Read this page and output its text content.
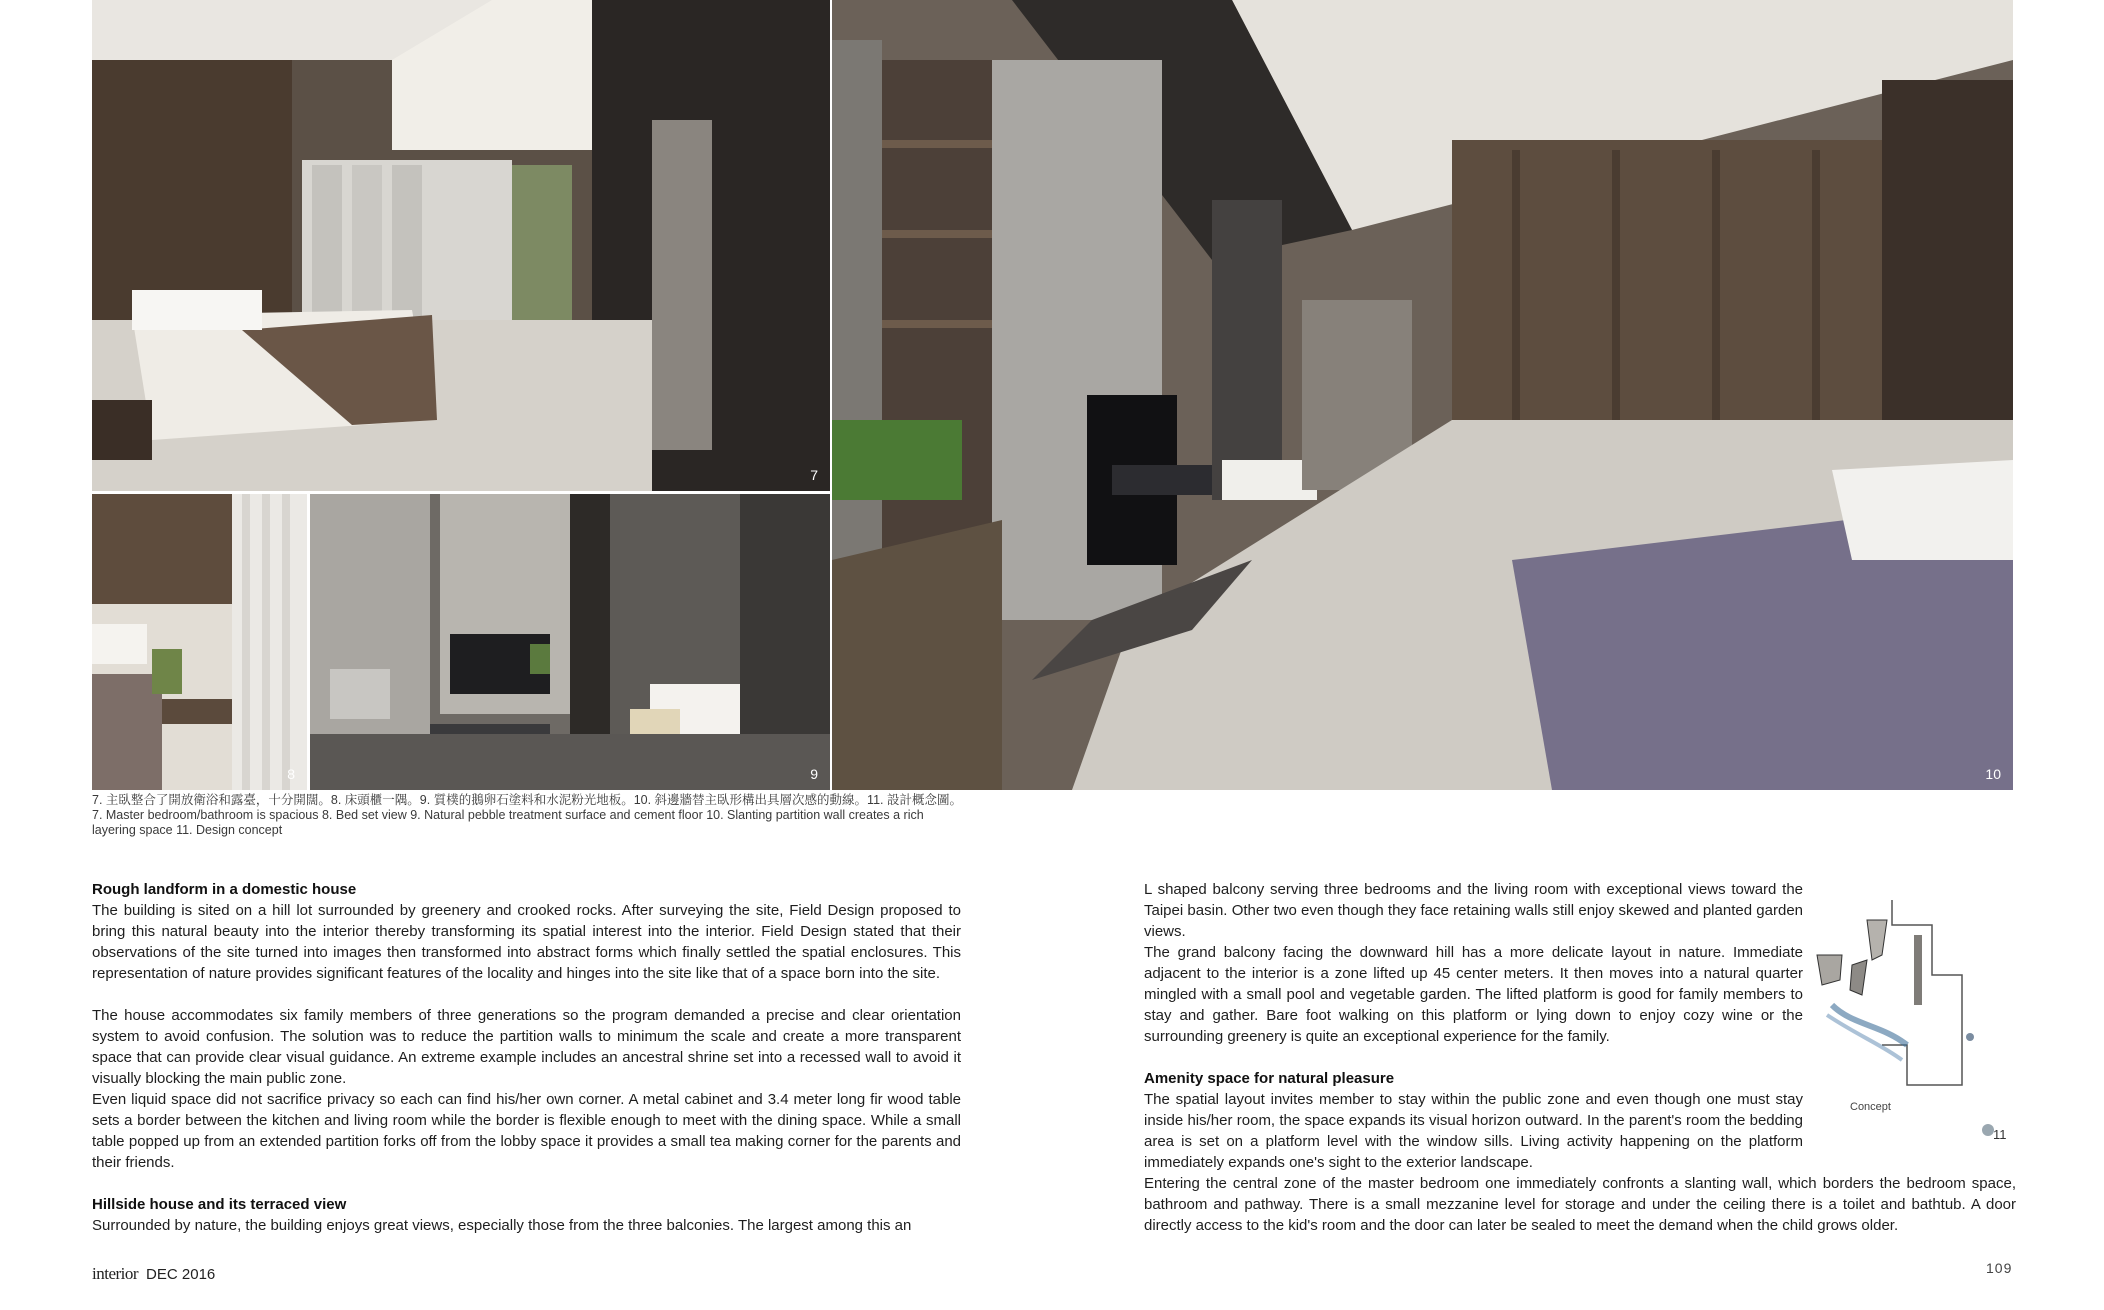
7
8	9	10

7. 主臥整合了開放衛浴和露臺，十分開闊。8. 床頭櫃一隅。9. 質樸的鵝卵石塗料和水泥粉光地板。10. 斜邊牆替主臥形構出具層次感的動線。11. 設計概念圖。

7. Master bedroom/bathroom is spacious 8. Bed set view 9. Natural pebble treatment surface and cement floor 10. Slanting partition wall creates a rich layering space 11. Design concept

Rough landform in a domestic house

The building is sited on a hill lot surrounded by greenery and crooked rocks. After surveying the site, Field Design proposed to bring this natural beauty into the interior thereby transforming its spatial interest into the interior. Field Design stated that their observations of the site turned into images then transformed into abstract forms which finally settled the spatial enclosures. This representation of nature provides significant features of the locality and hinges into the site like that of a space born into the site.

The house accommodates six family members of three generations so the program demanded a precise and clear orientation system to avoid confusion. The solution was to reduce the partition walls to minimum the scale and create a more transparent space that can provide clear visual guidance. An extreme example includes an ancestral shrine set into a recessed wall to avoid it visually blocking the main public zone.

Even liquid space did not sacrifice privacy so each can find his/her own corner. A metal cabinet and 3.4 meter long fir wood table sets a border between the kitchen and living room while the border is flexible enough to meet with the dining space. While a small table popped up from an extended partition forks off from the lobby space it provides a small tea making corner for the parents and their friends.

Hillside house and its terraced view

Surrounded by nature, the building enjoys great views, especially those from the three balconies. The largest among this an

L shaped balcony serving three bedrooms and the living room with exceptional views toward the Taipei basin. Other two even though they face retaining walls still enjoy skewed and planted garden views.

The grand balcony facing the downward hill has a more delicate layout in nature. Immediate adjacent to the interior is a zone lifted up 45 center meters. It then moves into a natural quarter mingled with a small pool and vegetable garden. The lifted platform is good for family members to stay and gather. Bare foot walking on this platform or lying down to enjoy cozy wine or the surrounding greenery is quite an exceptional experience for the family.

Amenity space for natural pleasure

The spatial layout invites member to stay within the public zone and even though one must stay inside his/her room, the space expands its visual horizon outward. In the parent's room the bedding area is set on a platform level with the window sills. Living activity happening on the platform immediately expands one's sight to the exterior landscape.

Entering the central zone of the master bedroom one immediately confronts a slanting wall, which borders the bedroom space, bathroom and pathway. There is a small mezzanine level for storage and under the ceiling there is a toilet and bathtub. A door directly access to the kid's room and the door can later be sealed to meet the demand when the child grows older.

Concept
11
interior DEC 2016	109
